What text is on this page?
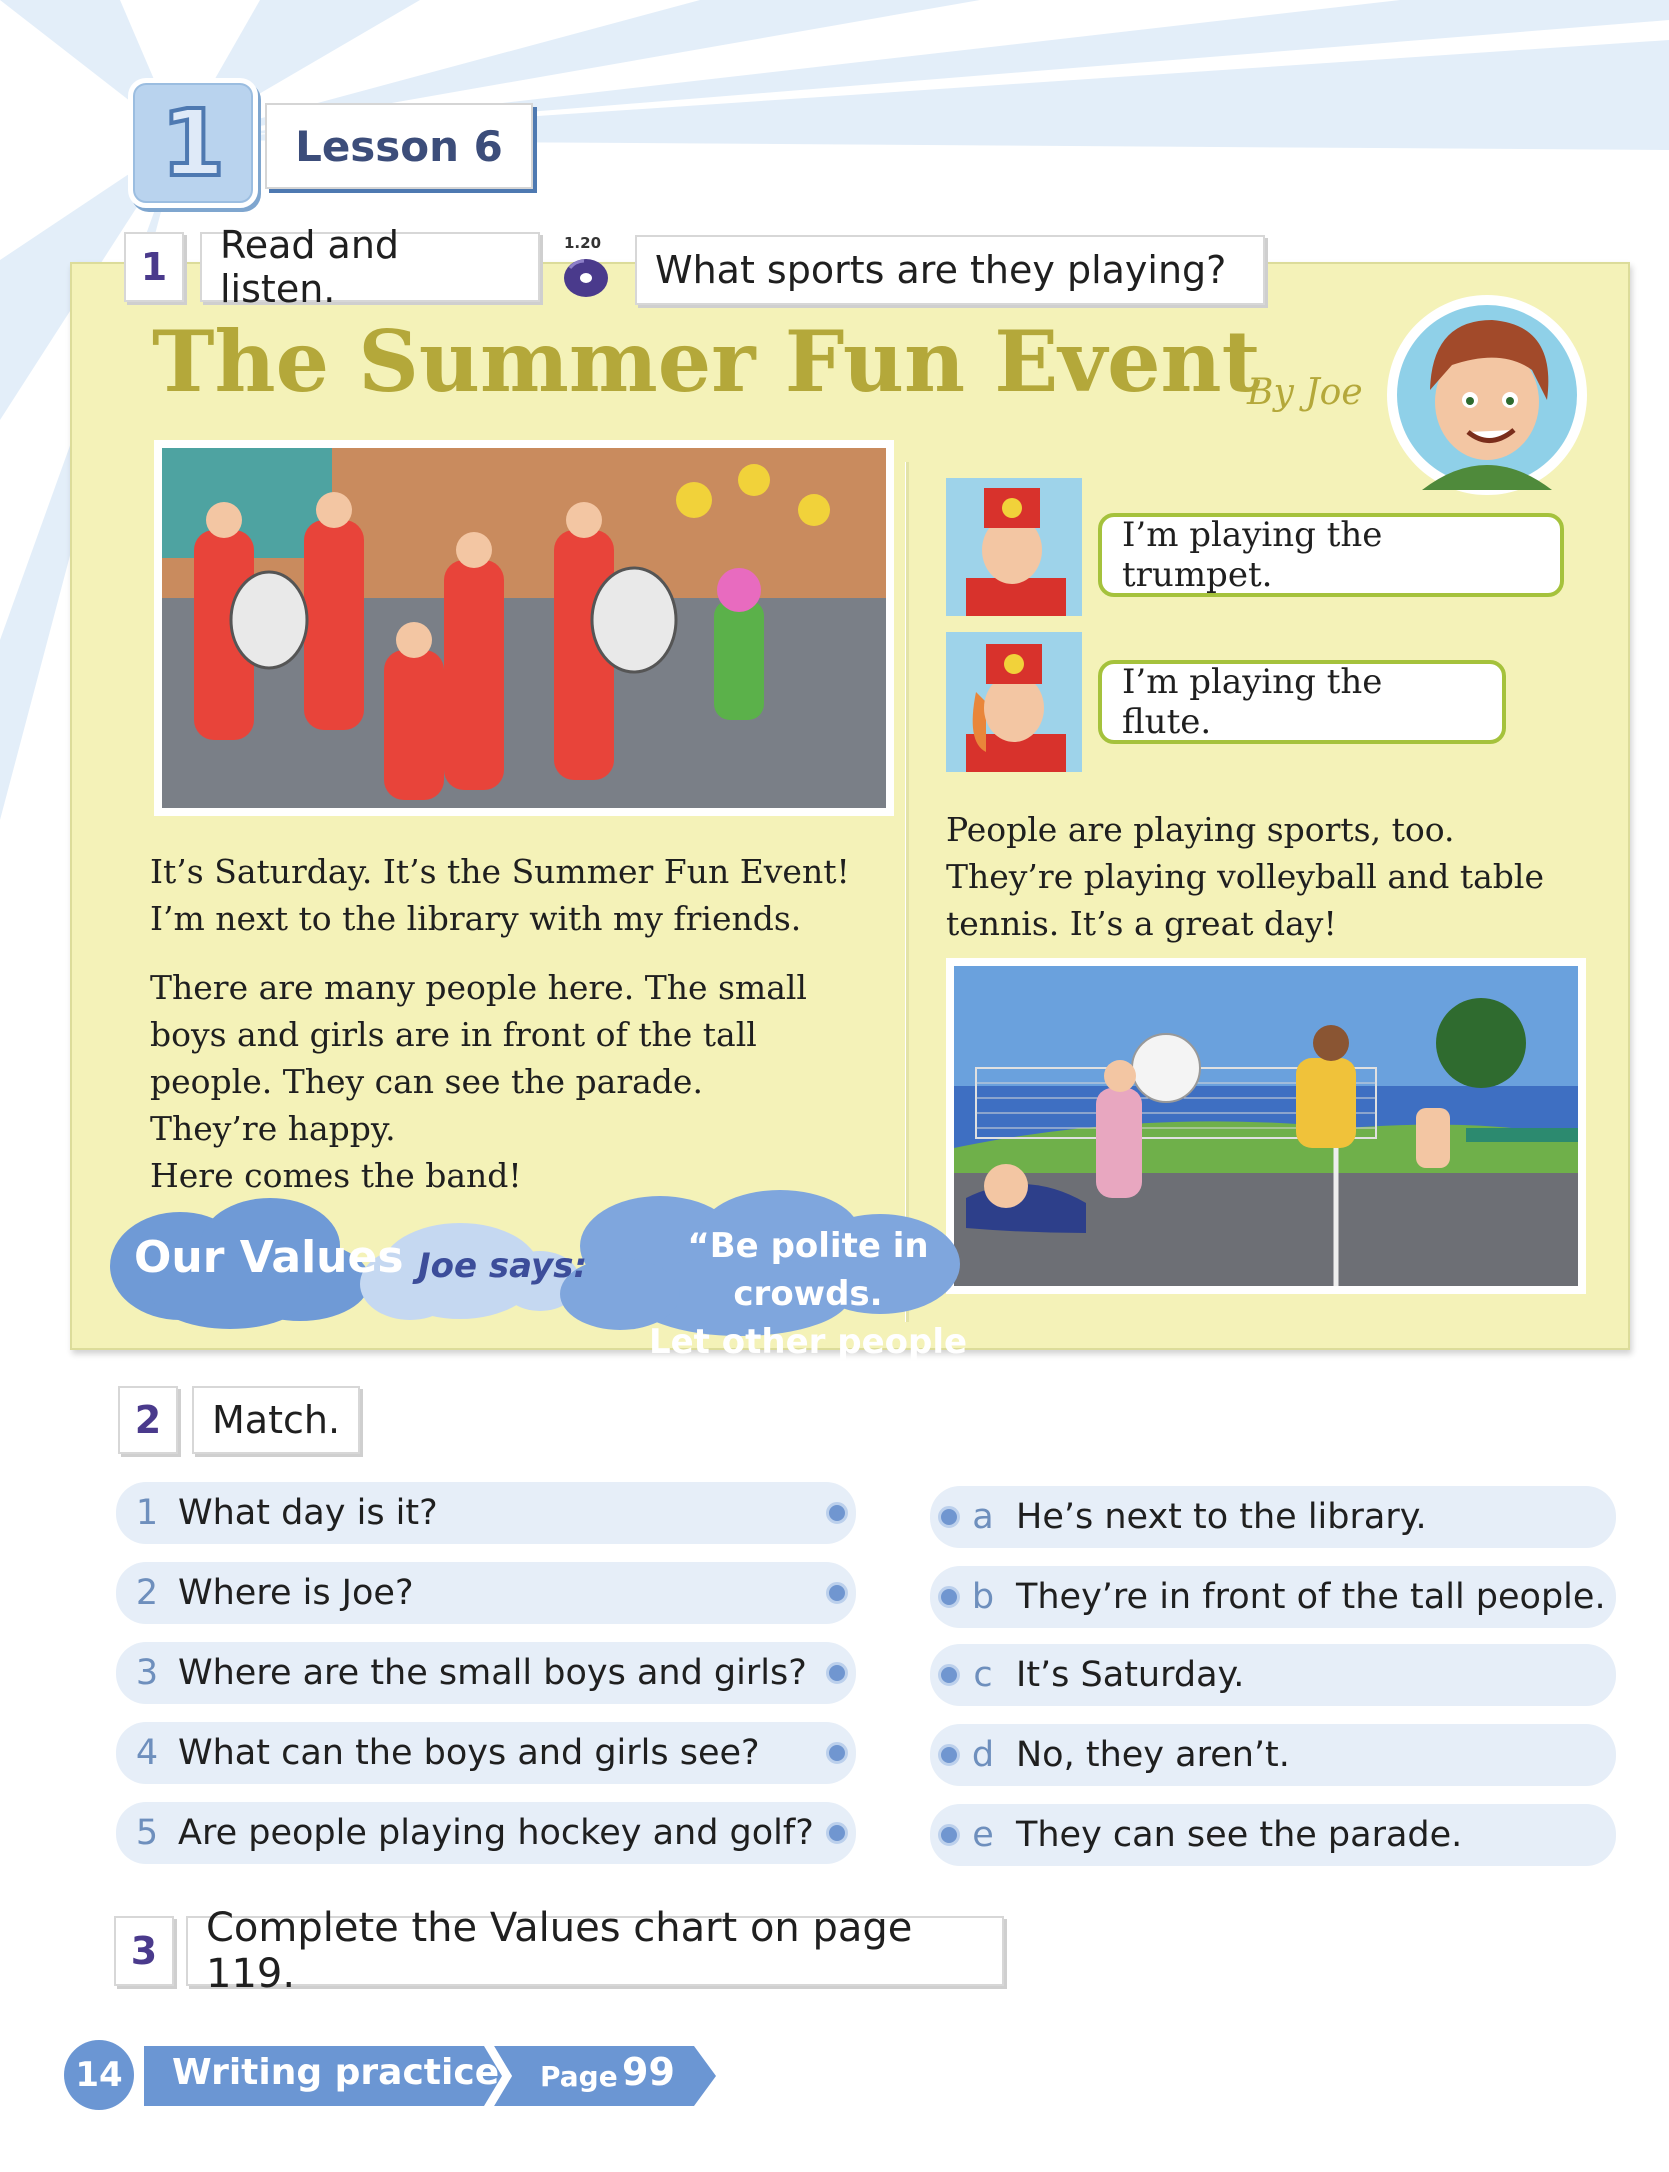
1 Lesson 6
1	Read and listen.
1.20
What sports are they playing?
The Summer Fun Event
By Joe
I’m playing the trumpet.
I’m playing the flute.
It’s Saturday. It’s the Summer Fun Event!
I’m next to the library with my friends.
There are many people here. The small
boys and girls are in front of the tall
people. They can see the parade.
They’re happy.
Here comes the band!
People are playing sports, too.
They’re playing volleyball and table
tennis. It’s a great day!
Our Values Joe says:	“Be polite in crowds.
Let other people see.”
2	Match.
1 What day is it?
2 Where is Joe?
3 Where are the small boys and girls?
4 What can the boys and girls see?
5 Are people playing hockey and golf?
a He’s next to the library.
b They’re in front of the tall people.
c It’s Saturday.
d No, they aren’t.
e They can see the parade.
3	Complete the Values chart on page 119.
14 Writing practice Page 99
